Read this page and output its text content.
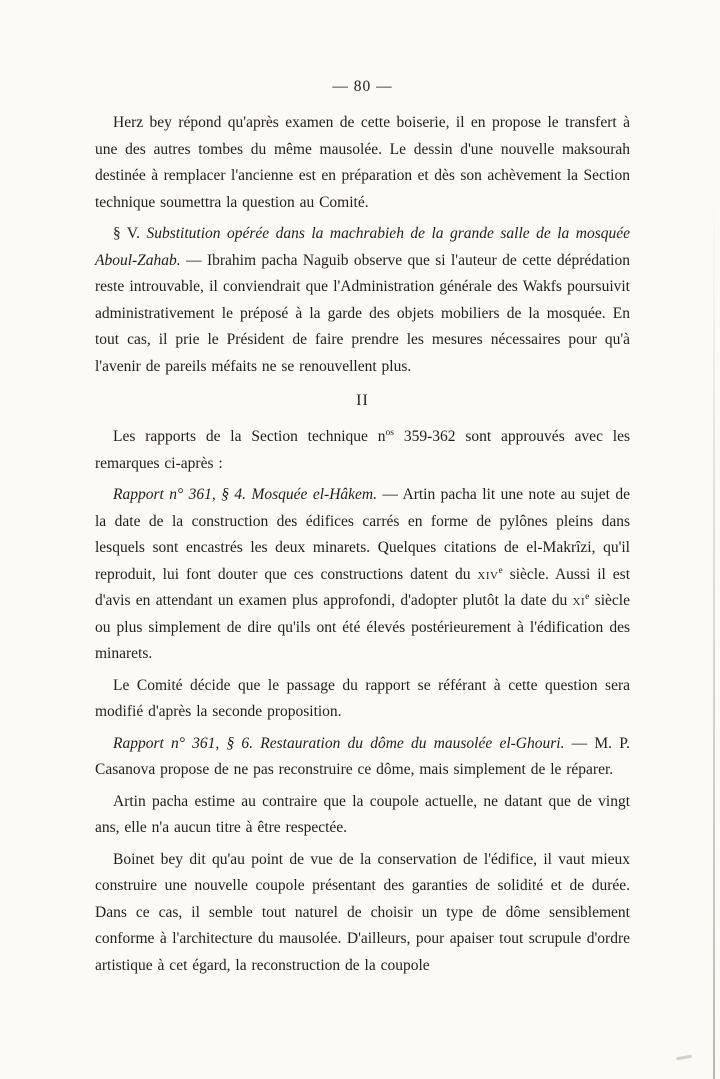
— 80 —

Herz bey répond qu'après examen de cette boiserie, il en propose le transfert à une des autres tombes du même mausolée. Le dessin d'une nouvelle maksourah destinée à remplacer l'ancienne est en préparation et dès son achèvement la Section technique soumettra la question au Comité.

§ V. Substitution opérée dans la machrabieh de la grande salle de la mosquée Aboul-Zahab. — Ibrahim pacha Naguib observe que si l'auteur de cette déprédation reste introuvable, il conviendrait que l'Administration générale des Wakfs poursuivit administrativement le préposé à la garde des objets mobiliers de la mosquée. En tout cas, il prie le Président de faire prendre les mesures nécessaires pour qu'à l'avenir de pareils méfaits ne se renouvellent plus.

II

Les rapports de la Section technique $n^{os}$ 359-362 sont approuvés avec les remarques ci-après :

Rapport n° 361, § 4. Mosquée el-Hâkem. — Artin pacha lit une note au sujet de la date de la construction des édifices carrés en forme de pylônes pleins dans lesquels sont encastrés les deux minarets. Quelques citations de el-Makrîzi, qu'il reproduit, lui font douter que ces constructions datent du xiv$^e$ siècle. Aussi il est d'avis en attendant un examen plus approfondi, d'adopter plutôt la date du $xi^e$ siècle ou plus simplement de dire qu'ils ont été élevés postérieurement à l'édification des minarets.

Le Comité décide que le passage du rapport se référant à cette question sera modifié d'après la seconde proposition.

Rapport n° 361, § 6. Restauration du dôme du mausolée el-Ghouri. — M. P. Casanova propose de ne pas reconstruire ce dôme, mais simplement de le réparer.

Artin pacha estime au contraire que la coupole actuelle, ne datant que de vingt ans, elle n'a aucun titre à être respectée.

Boinet bey dit qu'au point de vue de la conservation de l'édifice, il vaut mieux construire une nouvelle coupole présentant des garanties de solidité et de durée. Dans ce cas, il semble tout naturel de choisir un type de dôme sensiblement conforme à l'architecture du mausolée. D'ailleurs, pour apaiser tout scrupule d'ordre artistique à cet égard, la reconstruction de la coupole
